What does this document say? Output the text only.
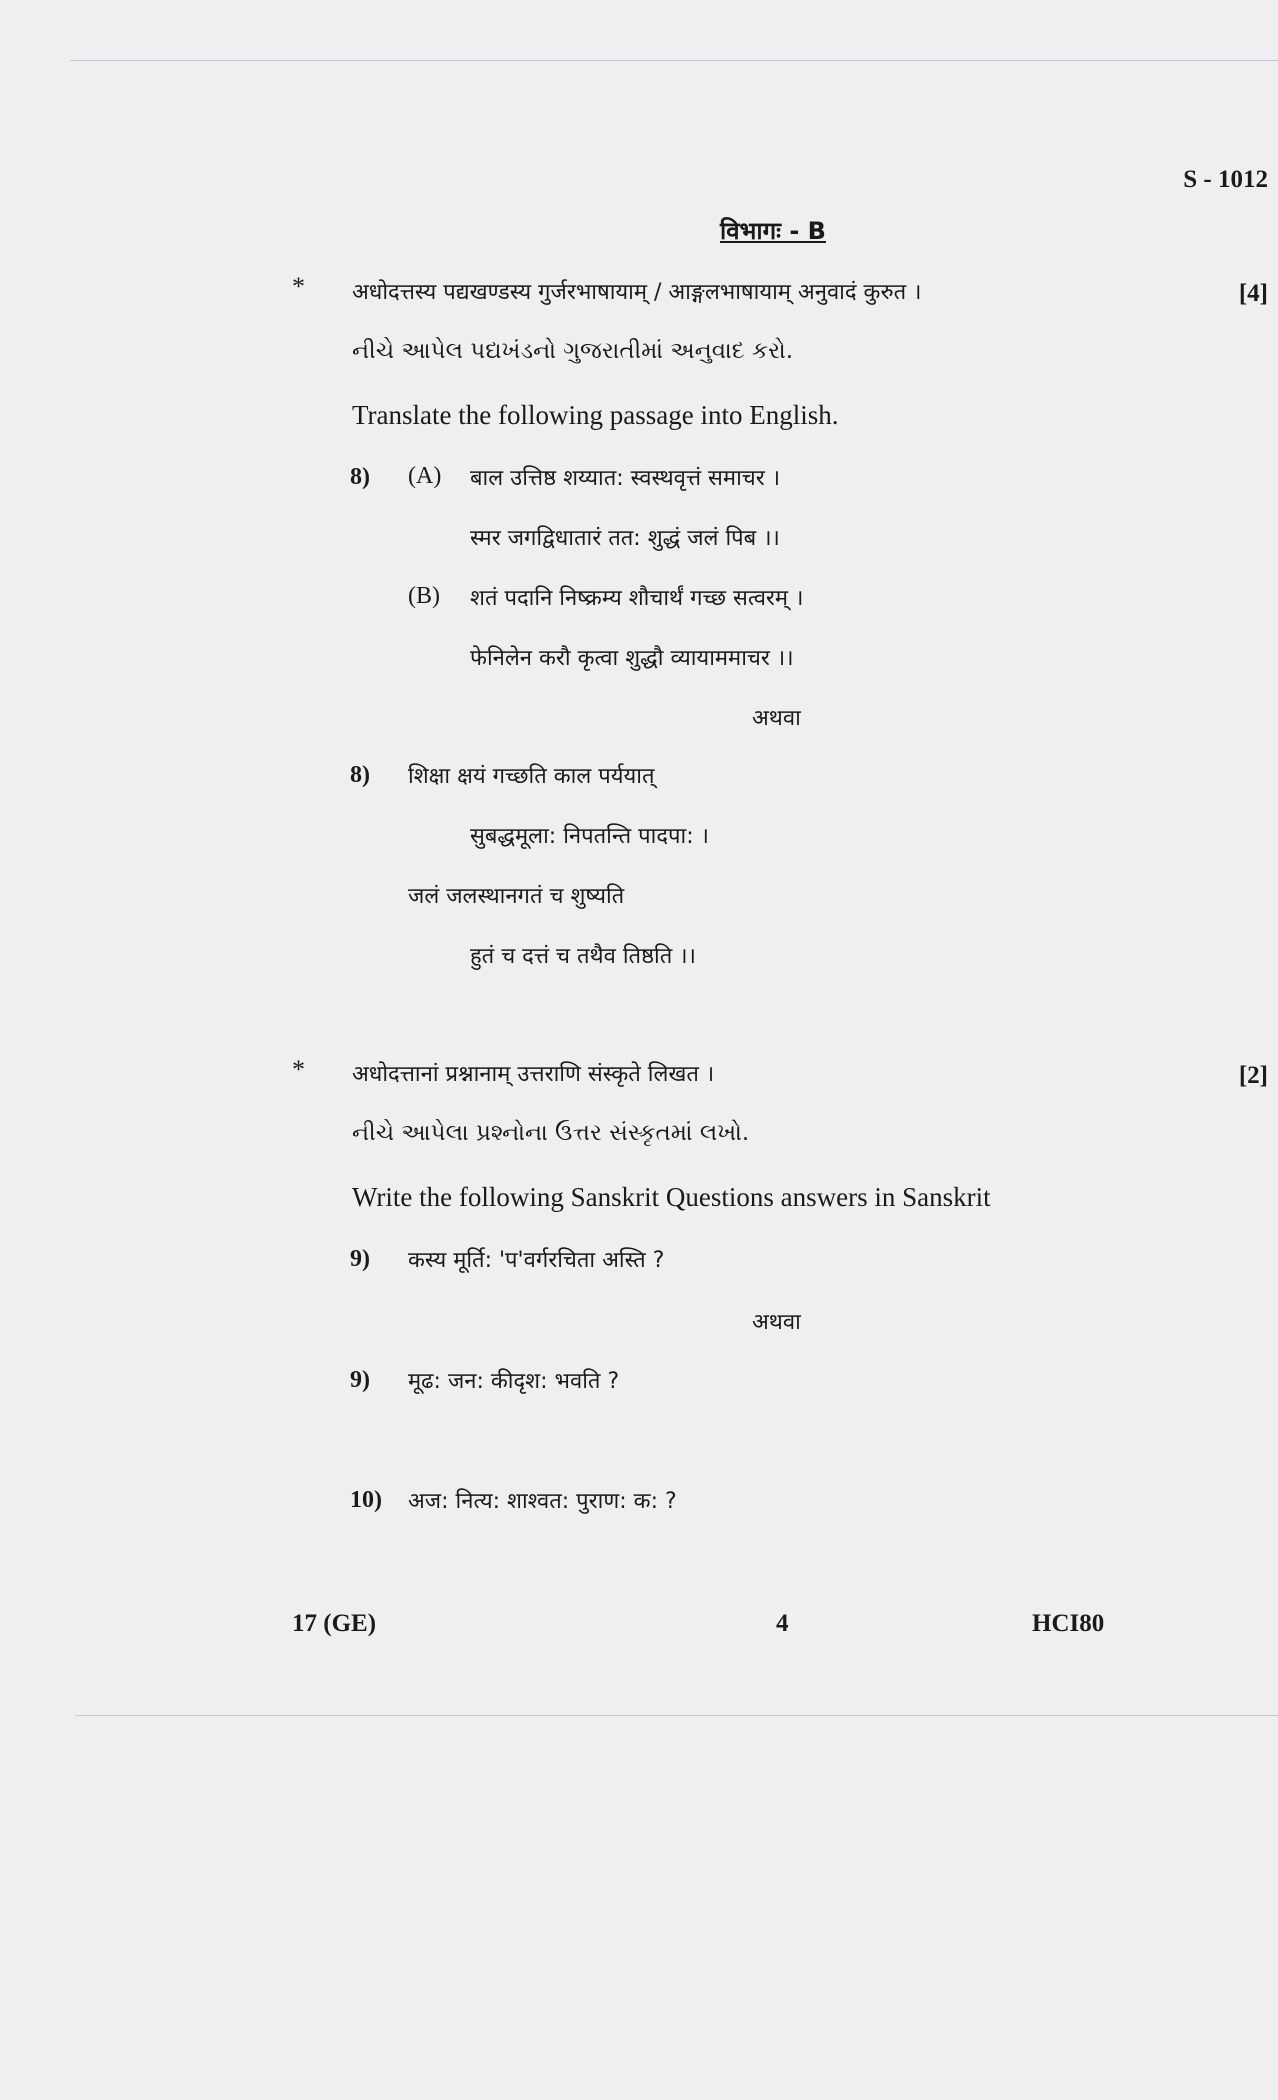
S - 1012
विभागः - B
* अधोदत्तस्य पद्यखण्डस्य गुर्जरभाषायाम् / आङ्गलभाषायाम् अनुवादं कुरुत ।	[4]
નીચે આપેલ પદ્યખંડનો ગુજરાતીમાં અનુવાદ કરો.
Translate the following passage into English.
8) (A) बाल उत्तिष्ठ शय्यात: स्वस्थवृत्तं समाचर ।
स्मर जगद्विधातारं तत: शुद्धं जलं पिब ।।
(B) शतं पदानि निष्क्रम्य शौचार्थं गच्छ सत्वरम् ।
फेनिलेन करौ कृत्वा शुद्धौ व्यायाममाचर ।।
अथवा
8) शिक्षा क्षयं गच्छति काल पर्ययात्
सुबद्धमूला: निपतन्ति पादपा: ।
जलं जलस्थानगतं च शुष्यति
हुतं च दत्तं च तथैव तिष्ठति ।।
* अधोदत्तानां प्रश्नानाम् उत्तराणि संस्कृते लिखत ।	[2]
નીચે આપેલા પ્રશ્નોના ઉત્તર સંસ્કૃતમાં લખો.
Write the following Sanskrit Questions answers in Sanskrit
9) कस्य मूर्ति: 'प'वर्गरचिता अस्ति ?
अथवा
9) मूढ: जन: कीदृश: भवति ?
10) अज: नित्य: शाश्वत: पुराण: क: ?
17 (GE)	4	HCI80
